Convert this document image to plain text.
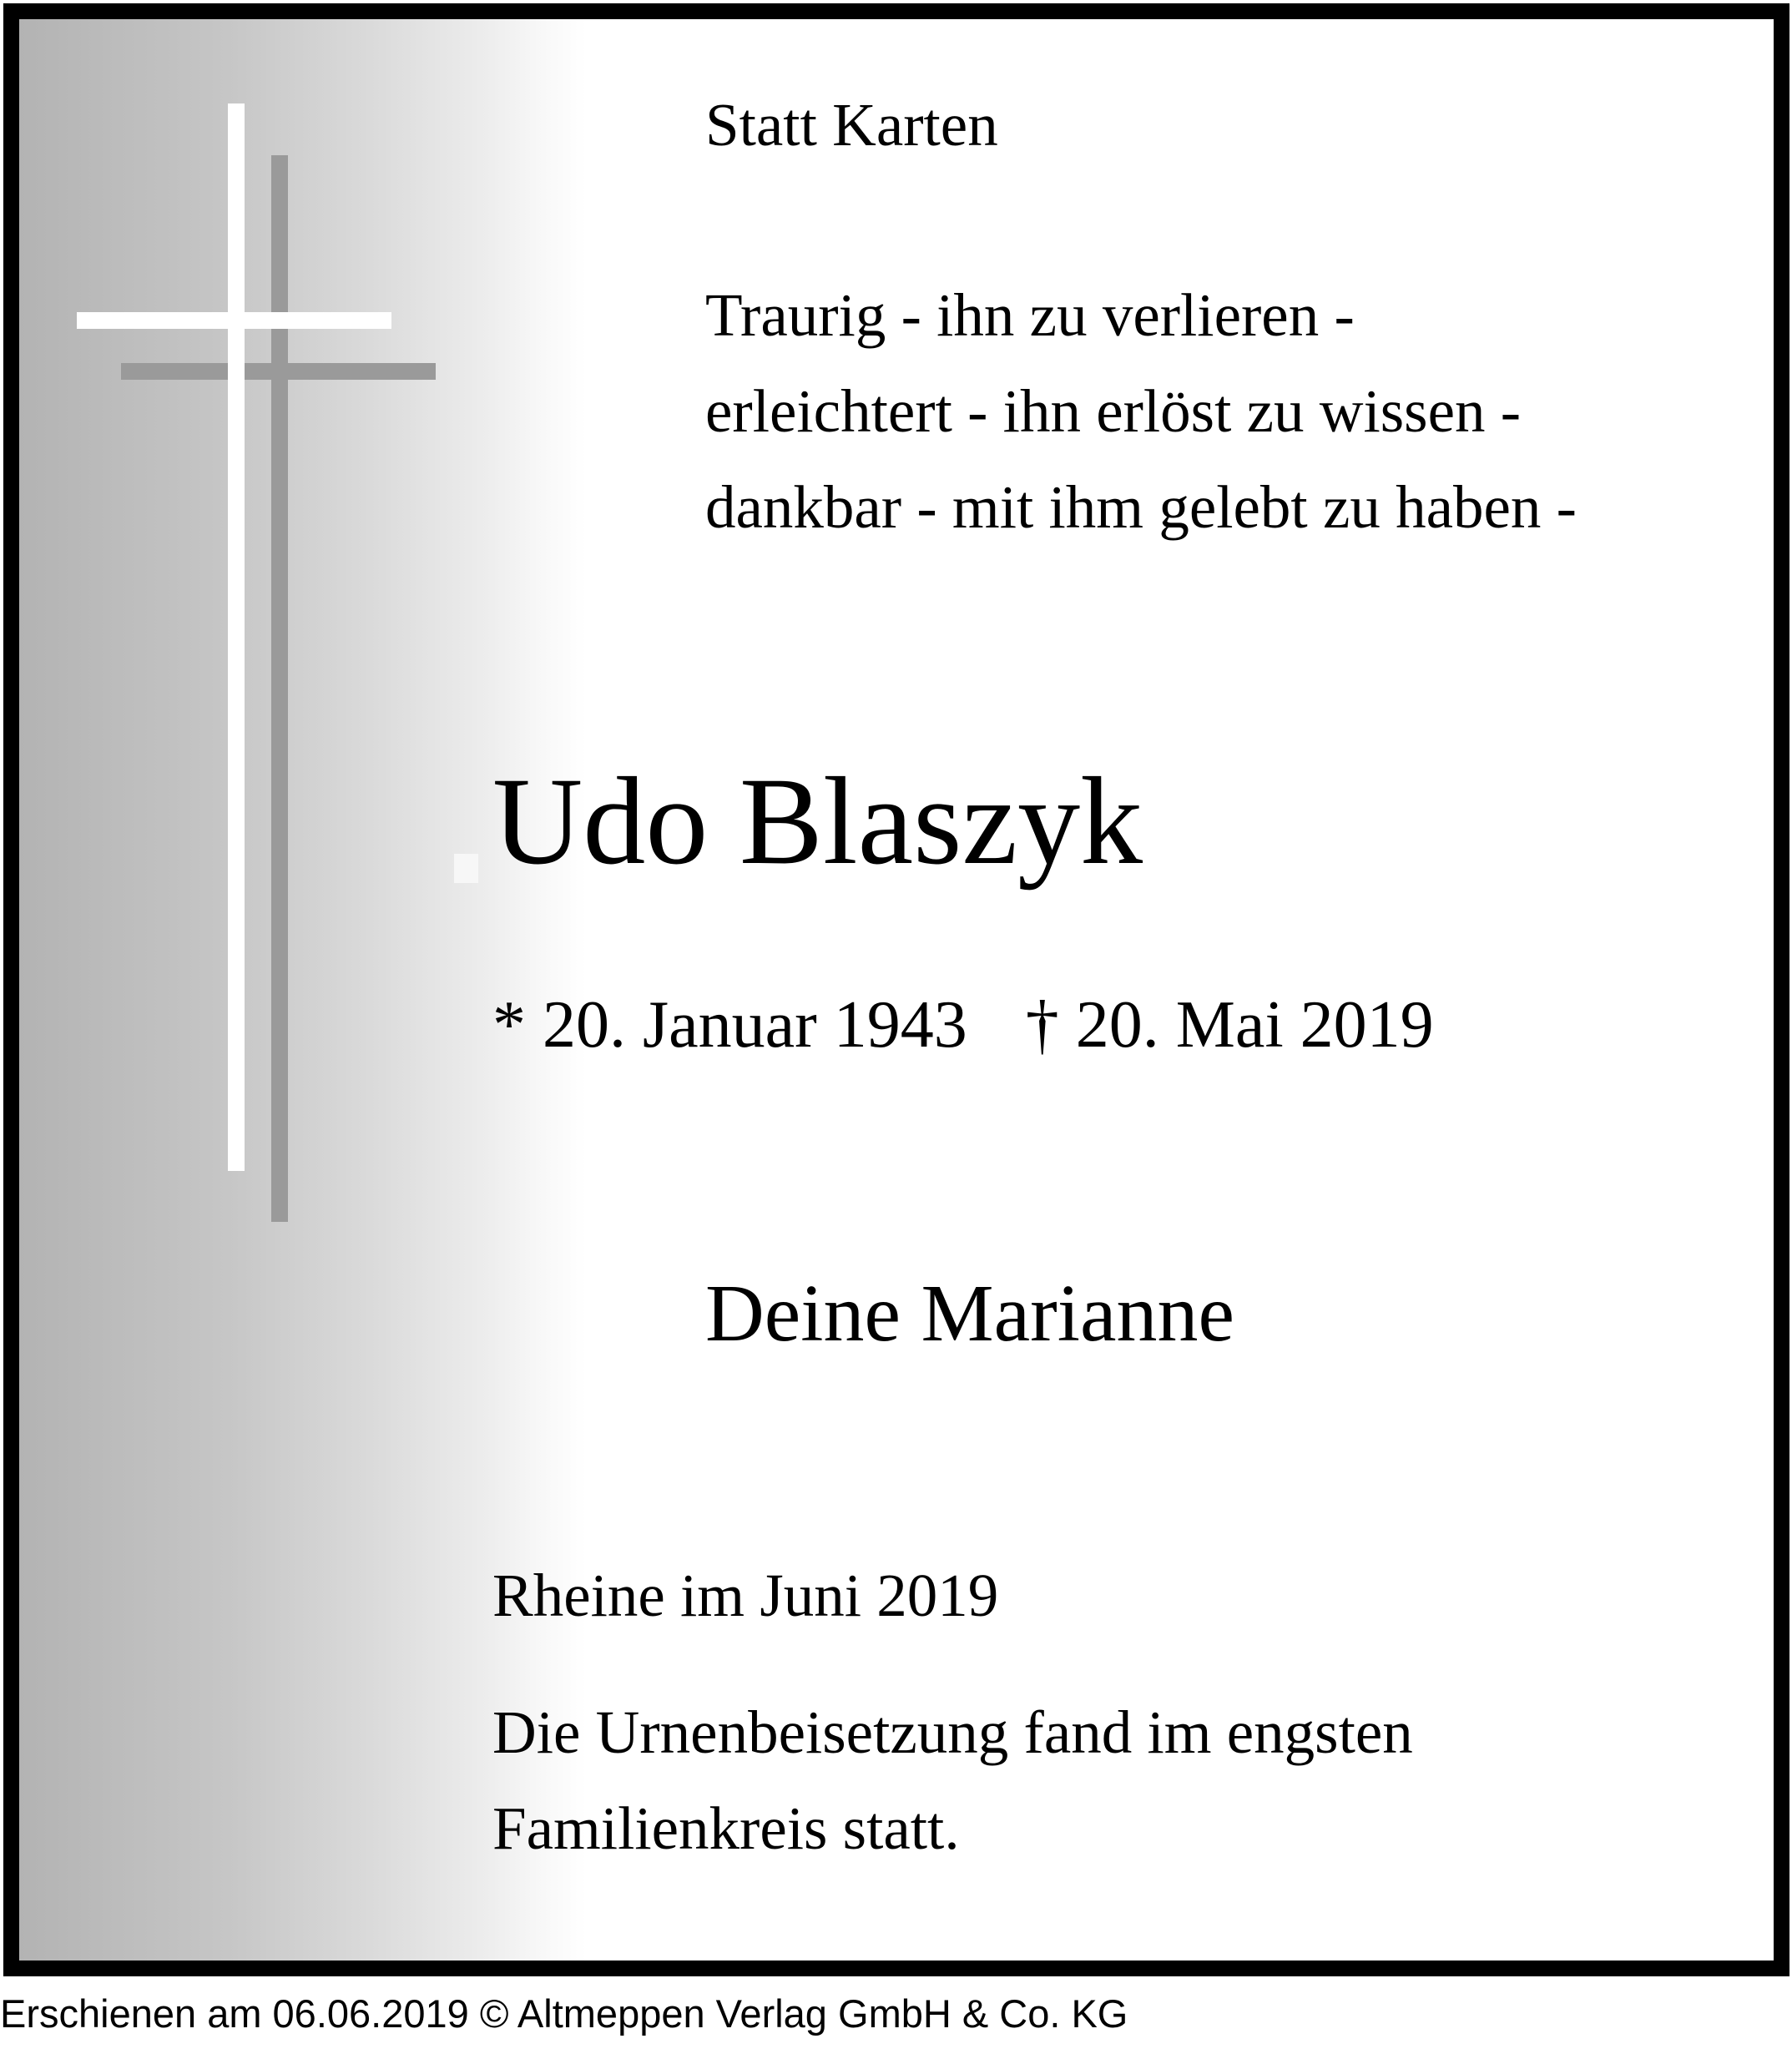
Statt Karten
Traurig - ihn zu verlieren -
erleichtert - ihn erlöst zu wissen -
dankbar - mit ihm gelebt zu haben -
Udo Blaszyk
* 20. Januar 1943 † 20. Mai 2019
Deine Marianne
Rheine im Juni 2019
Die Urnenbeisetzung fand im engsten
Familienkreis statt.
Erschienen am 06.06.2019 © Altmeppen Verlag GmbH & Co. KG
